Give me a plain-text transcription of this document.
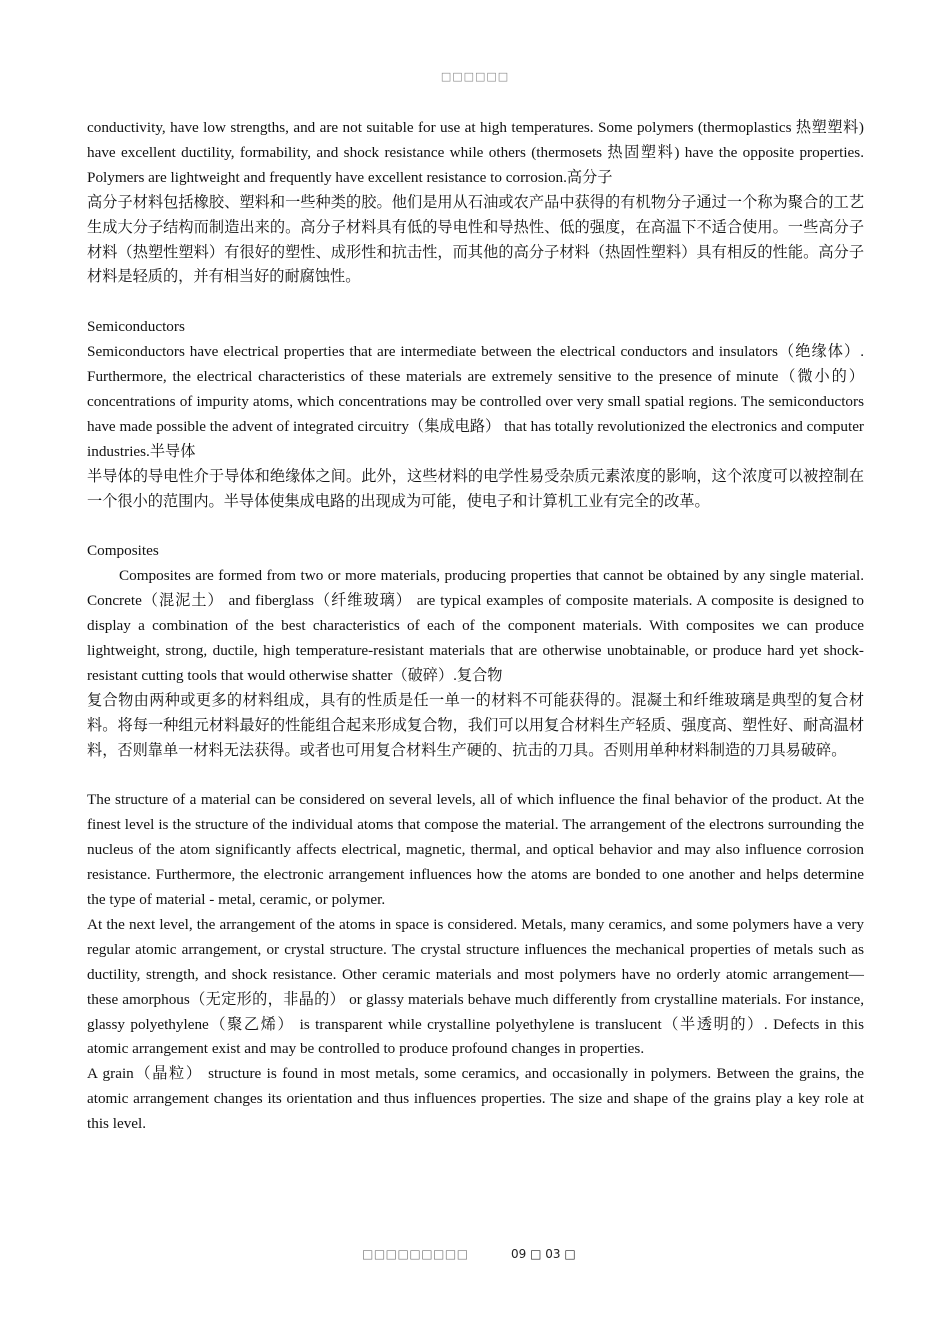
□□□□□□

conductivity, have low strengths, and are not suitable for use at high temperatures. Some polymers (thermoplastics 热塑塑料) have excellent ductility, formability, and shock resistance while others (thermosets 热固塑料) have the opposite properties. Polymers are lightweight and frequently have excellent resistance to corrosion.高分子

高分子材料包括橡胶、塑料和一些种类的胶。他们是用从石油或农产品中获得的有机物分子通过一个称为聚合的工艺生成大分子结构而制造出来的。高分子材料具有低的导电性和导热性、低的强度，在高温下不适合使用。一些高分子材料（热塑性塑料）有很好的塑性、成形性和抗击性，而其他的高分子材料（热固性塑料）具有相反的性能。高分子材料是轻质的，并有相当好的耐腐蚀性。

Semiconductors

Semiconductors have electrical properties that are intermediate between the electrical conductors and insulators（绝缘体）. Furthermore, the electrical characteristics of these materials are extremely sensitive to the presence of minute（微小的）concentrations of impurity atoms, which concentrations may be controlled over very small spatial regions. The semiconductors have made possible the advent of integrated circuitry（集成电路） that has totally revolutionized the electronics and computer industries.半导体

半导体的导电性介于导体和绝缘体之间。此外，这些材料的电学性易受杂质元素浓度的影响，这个浓度可以被控制在一个很小的范围内。半导体使集成电路的出现成为可能，使电子和计算机工业有完全的改革。

Composites

Composites are formed from two or more materials, producing properties that cannot be obtained by any single material. Concrete（混泥土） and fiberglass（纤维玻璃） are typical examples of composite materials. A composite is designed to display a combination of the best characteristics of each of the component materials. With composites we can produce lightweight, strong, ductile, high temperature-resistant materials that are otherwise unobtainable, or produce hard yet shock-resistant cutting tools that would otherwise shatter（破碎）.复合物

复合物由两种或更多的材料组成，具有的性质是任一单一的材料不可能获得的。混凝土和纤维玻璃是典型的复合材料。将每一种组元材料最好的性能组合起来形成复合物，我们可以用复合材料生产轻质、强度高、塑性好、耐高温材料，否则靠单一材料无法获得。或者也可用复合材料生产硬的、抗击的刀具。否则用单种材料制造的刀具易破碎。

The structure of a material can be considered on several levels, all of which influence the final behavior of the product. At the finest level is the structure of the individual atoms that compose the material. The arrangement of the electrons surrounding the nucleus of the atom significantly affects electrical, magnetic, thermal, and optical behavior and may also influence corrosion resistance. Furthermore, the electronic arrangement influences how the atoms are bonded to one another and helps determine the type of material - metal, ceramic, or polymer.

At the next level, the arrangement of the atoms in space is considered. Metals, many ceramics, and some polymers have a very regular atomic arrangement, or crystal structure. The crystal structure influences the mechanical properties of metals such as ductility, strength, and shock resistance. Other ceramic materials and most polymers have no orderly atomic arrangement—these amorphous（无定形的，非晶的） or glassy materials behave much differently from crystalline materials. For instance, glassy polyethylene（聚乙烯） is transparent while crystalline polyethylene is translucent（半透明的）. Defects in this atomic arrangement exist and may be controlled to produce profound changes in properties.

A grain（晶粒） structure is found in most metals, some ceramics, and occasionally in polymers. Between the grains, the atomic arrangement changes its orientation and thus influences properties. The size and shape of the grains play a key role at this level.

□□□□□□□□□	09 □ 03 □
